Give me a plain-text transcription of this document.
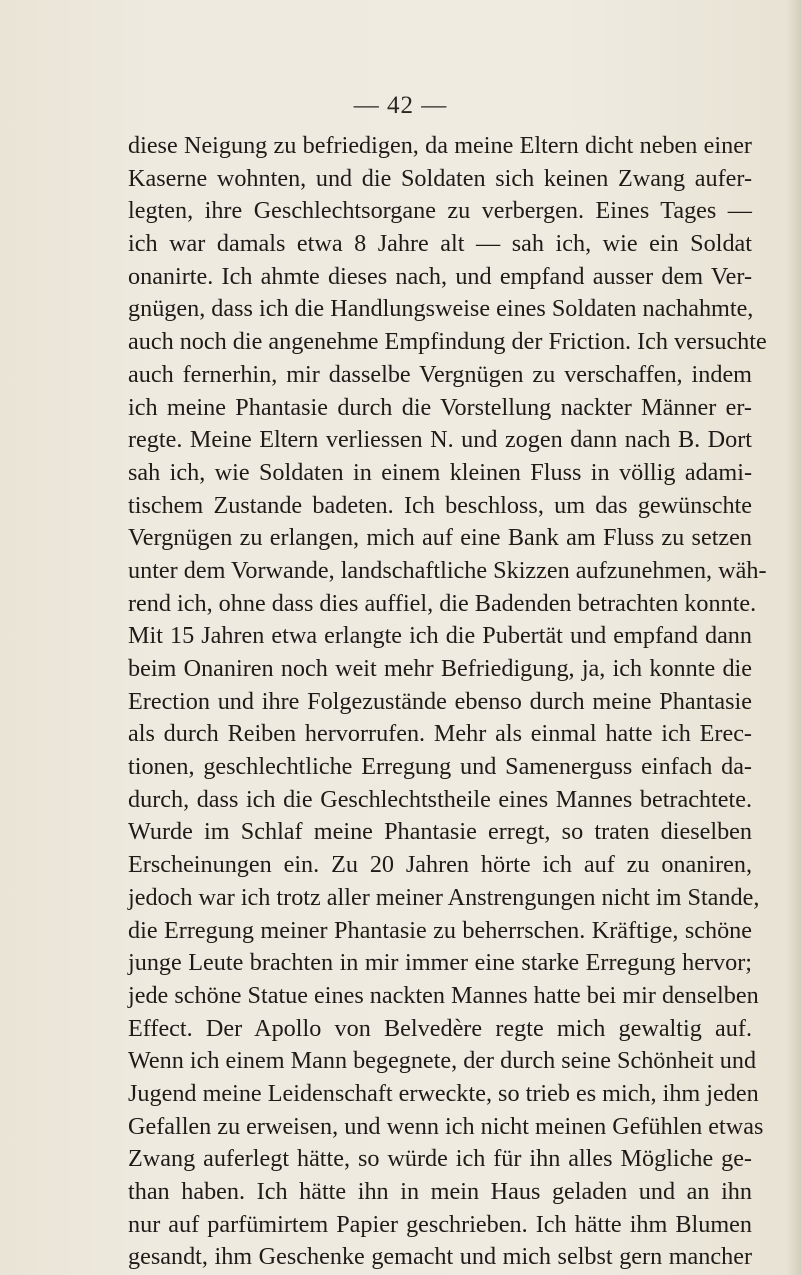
— 42 —
diese Neigung zu befriedigen, da meine Eltern dicht neben einer
Kaserne wohnten, und die Soldaten sich keinen Zwang aufer-
legten, ihre Geschlechtsorgane zu verbergen. Eines Tages —
ich war damals etwa 8 Jahre alt — sah ich, wie ein Soldat
onanirte. Ich ahmte dieses nach, und empfand ausser dem Ver-
gnügen, dass ich die Handlungsweise eines Soldaten nachahmte,
auch noch die angenehme Empfindung der Friction. Ich versuchte
auch fernerhin, mir dasselbe Vergnügen zu verschaffen, indem
ich meine Phantasie durch die Vorstellung nackter Männer er-
regte. Meine Eltern verliessen N. und zogen dann nach B. Dort
sah ich, wie Soldaten in einem kleinen Fluss in völlig adami-
tischem Zustande badeten. Ich beschloss, um das gewünschte
Vergnügen zu erlangen, mich auf eine Bank am Fluss zu setzen
unter dem Vorwande, landschaftliche Skizzen aufzunehmen, wäh-
rend ich, ohne dass dies auffiel, die Badenden betrachten konnte.
Mit 15 Jahren etwa erlangte ich die Pubertät und empfand dann
beim Onaniren noch weit mehr Befriedigung, ja, ich konnte die
Erection und ihre Folgezustände ebenso durch meine Phantasie
als durch Reiben hervorrufen. Mehr als einmal hatte ich Erec-
tionen, geschlechtliche Erregung und Samenerguss einfach da-
durch, dass ich die Geschlechtstheile eines Mannes betrachtete.
Wurde im Schlaf meine Phantasie erregt, so traten dieselben
Erscheinungen ein. Zu 20 Jahren hörte ich auf zu onaniren,
jedoch war ich trotz aller meiner Anstrengungen nicht im Stande,
die Erregung meiner Phantasie zu beherrschen. Kräftige, schöne
junge Leute brachten in mir immer eine starke Erregung hervor;
jede schöne Statue eines nackten Mannes hatte bei mir denselben
Effect. Der Apollo von Belvedère regte mich gewaltig auf.
Wenn ich einem Mann begegnete, der durch seine Schönheit und
Jugend meine Leidenschaft erweckte, so trieb es mich, ihm jeden
Gefallen zu erweisen, und wenn ich nicht meinen Gefühlen etwas
Zwang auferlegt hätte, so würde ich für ihn alles Mögliche ge-
than haben. Ich hätte ihn in mein Haus geladen und an ihn
nur auf parfümirtem Papier geschrieben. Ich hätte ihm Blumen
gesandt, ihm Geschenke gemacht und mich selbst gern mancher
